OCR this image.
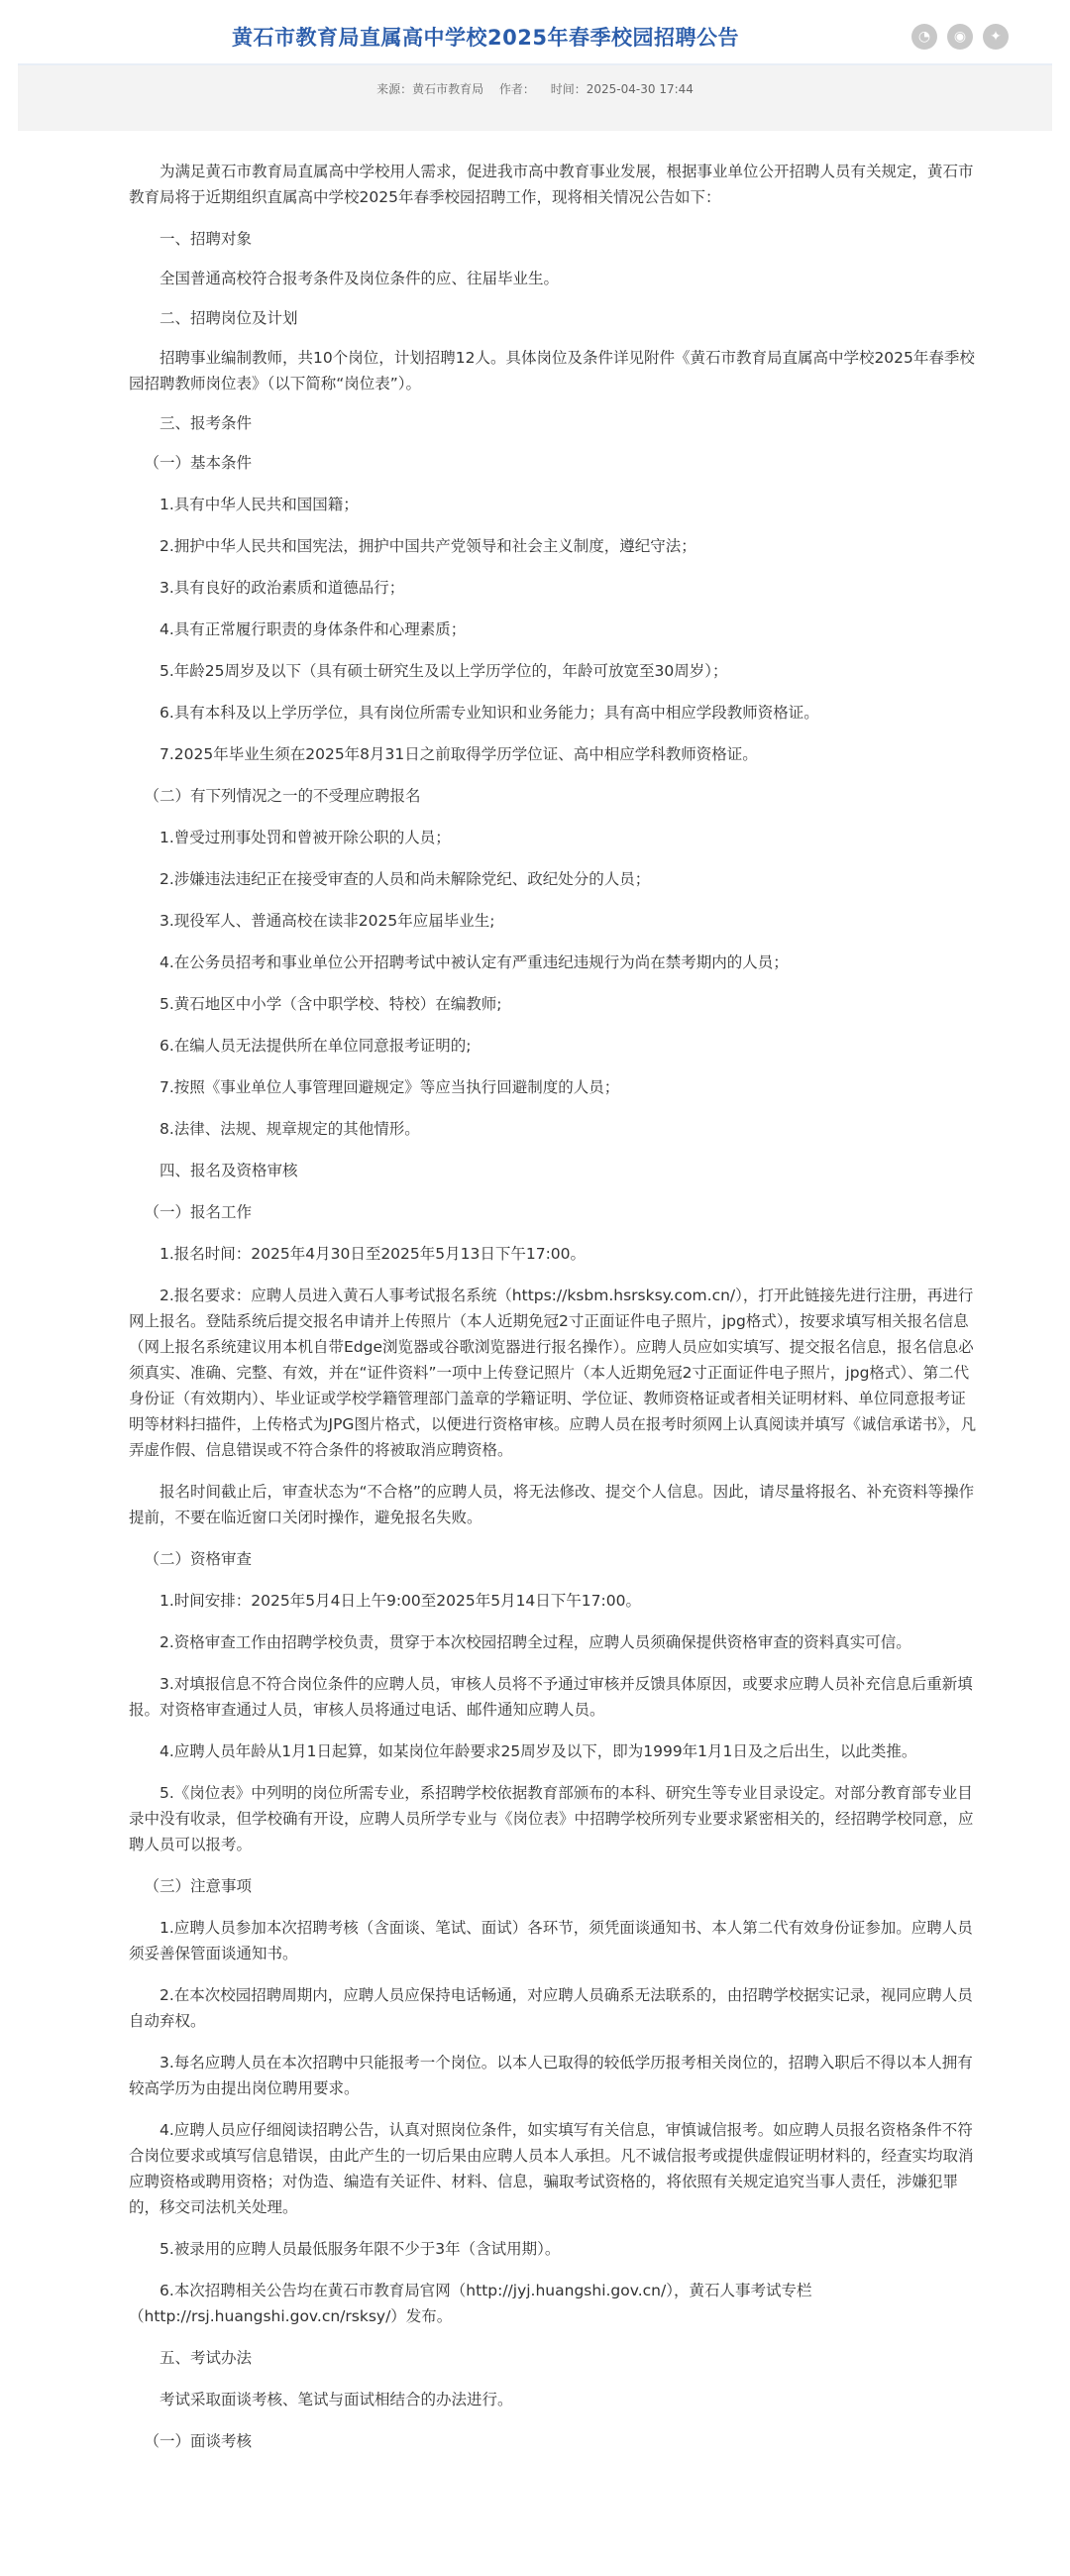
黄石市教育局直属高中学校2025年春季校园招聘公告	◔	◉	✦
来源：黄石市教育局 作者： 时间：2025-04-30 17:44

为满足黄石市教育局直属高中学校用人需求，促进我市高中教育事业发展，根据事业单位公开招聘人员有关规定，黄石市教育局将于近期组织直属高中学校2025年春季校园招聘工作，现将相关情况公告如下：

一、招聘对象

全国普通高校符合报考条件及岗位条件的应、往届毕业生。

二、招聘岗位及计划

招聘事业编制教师，共10个岗位，计划招聘12人。具体岗位及条件详见附件《黄石市教育局直属高中学校2025年春季校园招聘教师岗位表》（以下简称“岗位表”）。

三、报考条件

（一）基本条件

1.具有中华人民共和国国籍；

2.拥护中华人民共和国宪法，拥护中国共产党领导和社会主义制度，遵纪守法；

3.具有良好的政治素质和道德品行；

4.具有正常履行职责的身体条件和心理素质；

5.年龄25周岁及以下（具有硕士研究生及以上学历学位的，年龄可放宽至30周岁）；

6.具有本科及以上学历学位，具有岗位所需专业知识和业务能力；具有高中相应学段教师资格证。

7.2025年毕业生须在2025年8月31日之前取得学历学位证、高中相应学科教师资格证。

（二）有下列情况之一的不受理应聘报名

1.曾受过刑事处罚和曾被开除公职的人员；

2.涉嫌违法违纪正在接受审查的人员和尚未解除党纪、政纪处分的人员；

3.现役军人、普通高校在读非2025年应届毕业生;

4.在公务员招考和事业单位公开招聘考试中被认定有严重违纪违规行为尚在禁考期内的人员；

5.黄石地区中小学（含中职学校、特校）在编教师;

6.在编人员无法提供所在单位同意报考证明的;

7.按照《事业单位人事管理回避规定》等应当执行回避制度的人员；

8.法律、法规、规章规定的其他情形。

四、报名及资格审核

（一）报名工作

1.报名时间：2025年4月30日至2025年5月13日下午17:00。

2.报名要求：应聘人员进入黄石人事考试报名系统（https://ksbm.hsrsksy.com.cn/），打开此链接先进行注册，再进行网上报名。登陆系统后提交报名申请并上传照片（本人近期免冠2寸正面证件电子照片，jpg格式），按要求填写相关报名信息（网上报名系统建议用本机自带Edge浏览器或谷歌浏览器进行报名操作）。应聘人员应如实填写、提交报名信息，报名信息必须真实、准确、完整、有效，并在“证件资料”一项中上传登记照片（本人近期免冠2寸正面证件电子照片，jpg格式）、第二代身份证（有效期内）、毕业证或学校学籍管理部门盖章的学籍证明、学位证、教师资格证或者相关证明材料、单位同意报考证明等材料扫描件，上传格式为JPG图片格式，以便进行资格审核。应聘人员在报考时须网上认真阅读并填写《诚信承诺书》，凡弄虚作假、信息错误或不符合条件的将被取消应聘资格。

报名时间截止后，审查状态为“不合格”的应聘人员，将无法修改、提交个人信息。因此，请尽量将报名、补充资料等操作提前，不要在临近窗口关闭时操作，避免报名失败。

（二）资格审查

1.时间安排：2025年5月4日上午9:00至2025年5月14日下午17:00。

2.资格审查工作由招聘学校负责，贯穿于本次校园招聘全过程，应聘人员须确保提供资格审查的资料真实可信。

3.对填报信息不符合岗位条件的应聘人员，审核人员将不予通过审核并反馈具体原因，或要求应聘人员补充信息后重新填报。对资格审查通过人员，审核人员将通过电话、邮件通知应聘人员。

4.应聘人员年龄从1月1日起算，如某岗位年龄要求25周岁及以下，即为1999年1月1日及之后出生，以此类推。

5.《岗位表》中列明的岗位所需专业，系招聘学校依据教育部颁布的本科、研究生等专业目录设定。对部分教育部专业目录中没有收录，但学校确有开设，应聘人员所学专业与《岗位表》中招聘学校所列专业要求紧密相关的，经招聘学校同意，应聘人员可以报考。

（三）注意事项

1.应聘人员参加本次招聘考核（含面谈、笔试、面试）各环节，须凭面谈通知书、本人第二代有效身份证参加。应聘人员须妥善保管面谈通知书。

2.在本次校园招聘周期内，应聘人员应保持电话畅通，对应聘人员确系无法联系的，由招聘学校据实记录，视同应聘人员自动弃权。

3.每名应聘人员在本次招聘中只能报考一个岗位。以本人已取得的较低学历报考相关岗位的，招聘入职后不得以本人拥有较高学历为由提出岗位聘用要求。

4.应聘人员应仔细阅读招聘公告，认真对照岗位条件，如实填写有关信息，审慎诚信报考。如应聘人员报名资格条件不符合岗位要求或填写信息错误，由此产生的一切后果由应聘人员本人承担。凡不诚信报考或提供虚假证明材料的，经查实均取消应聘资格或聘用资格；对伪造、编造有关证件、材料、信息，骗取考试资格的，将依照有关规定追究当事人责任，涉嫌犯罪的，移交司法机关处理。

5.被录用的应聘人员最低服务年限不少于3年（含试用期）。

6.本次招聘相关公告均在黄石市教育局官网（http://jyj.huangshi.gov.cn/），黄石人事考试专栏（http://rsj.huangshi.gov.cn/rsksy/）发布。

五、考试办法

考试采取面谈考核、笔试与面试相结合的办法进行。

（一）面谈考核
